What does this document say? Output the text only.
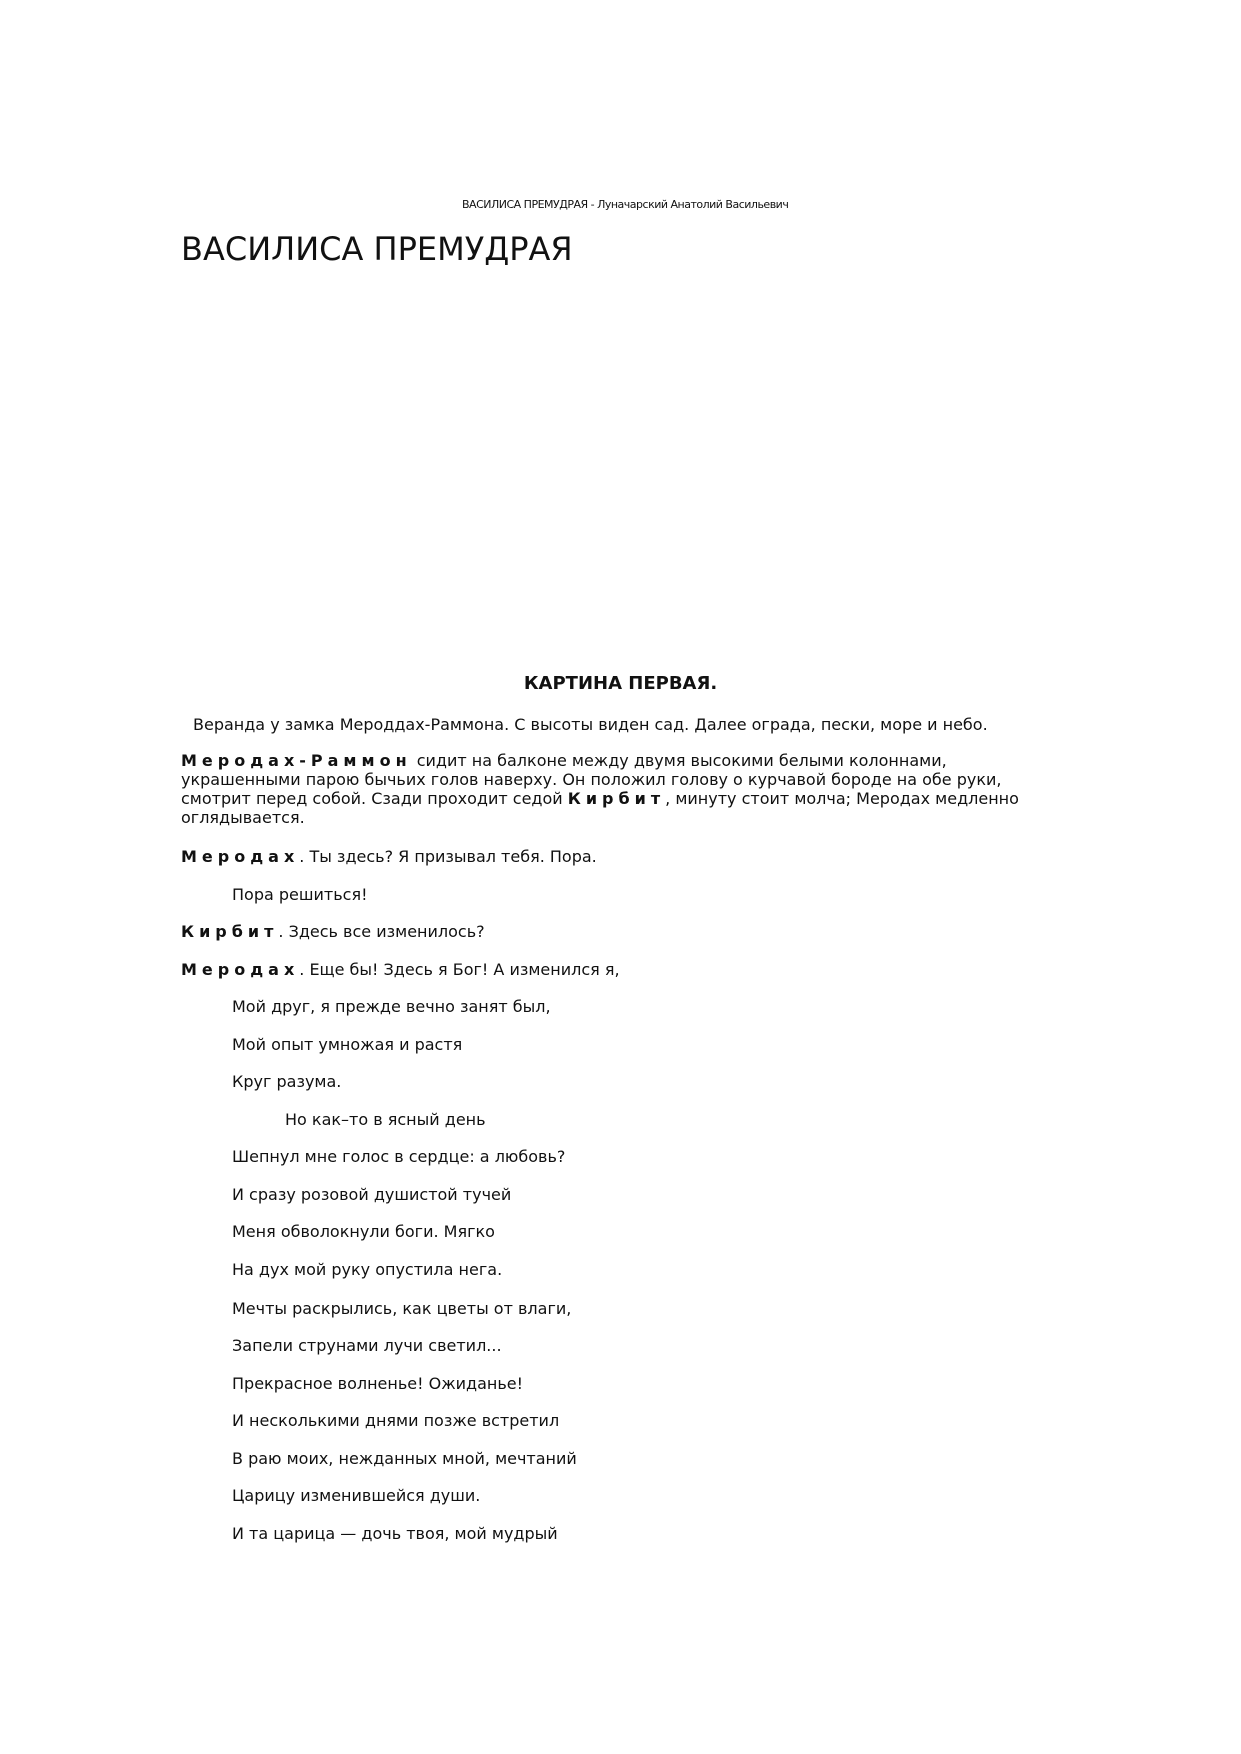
ВАСИЛИСА ПРЕМУДРАЯ - Луначарский Анатолий Васильевич
ВАСИЛИСА ПРЕМУДРАЯ
КАРТИНА ПЕРВАЯ.

Веранда у замка Мероддах-Раммона. С высоты виден сад. Далее ограда, пески, море и небо.

Меродах-Раммон сидит на балконе между двумя высокими белыми колоннами, украшенными парою бычьих голов наверху. Он положил голову о курчавой бороде на обе руки, смотрит перед собой. Сзади проходит седой Кирбит, минуту стоит молча; Меродах медленно оглядывается.

Меродах. Ты здесь? Я призывал тебя. Пора.

Пора решиться!

Кирбит. Здесь все изменилось?

Меродах. Еще бы! Здесь я Бог! А изменился я,

Мой друг, я прежде вечно занят был,

Мой опыт умножая и растя

Круг разума.

Но как–то в ясный день

Шепнул мне голос в сердце: а любовь?

И сразу розовой душистой тучей

Меня обволокнули боги. Мягко

На дух мой руку опустила нега.

Мечты раскрылись, как цветы от влаги,

Запели струнами лучи светил...

Прекрасное волненье! Ожиданье!

И несколькими днями позже встретил

В раю моих, нежданных мной, мечтаний

Царицу изменившейся души.

И та царица — дочь твоя, мой мудрый
